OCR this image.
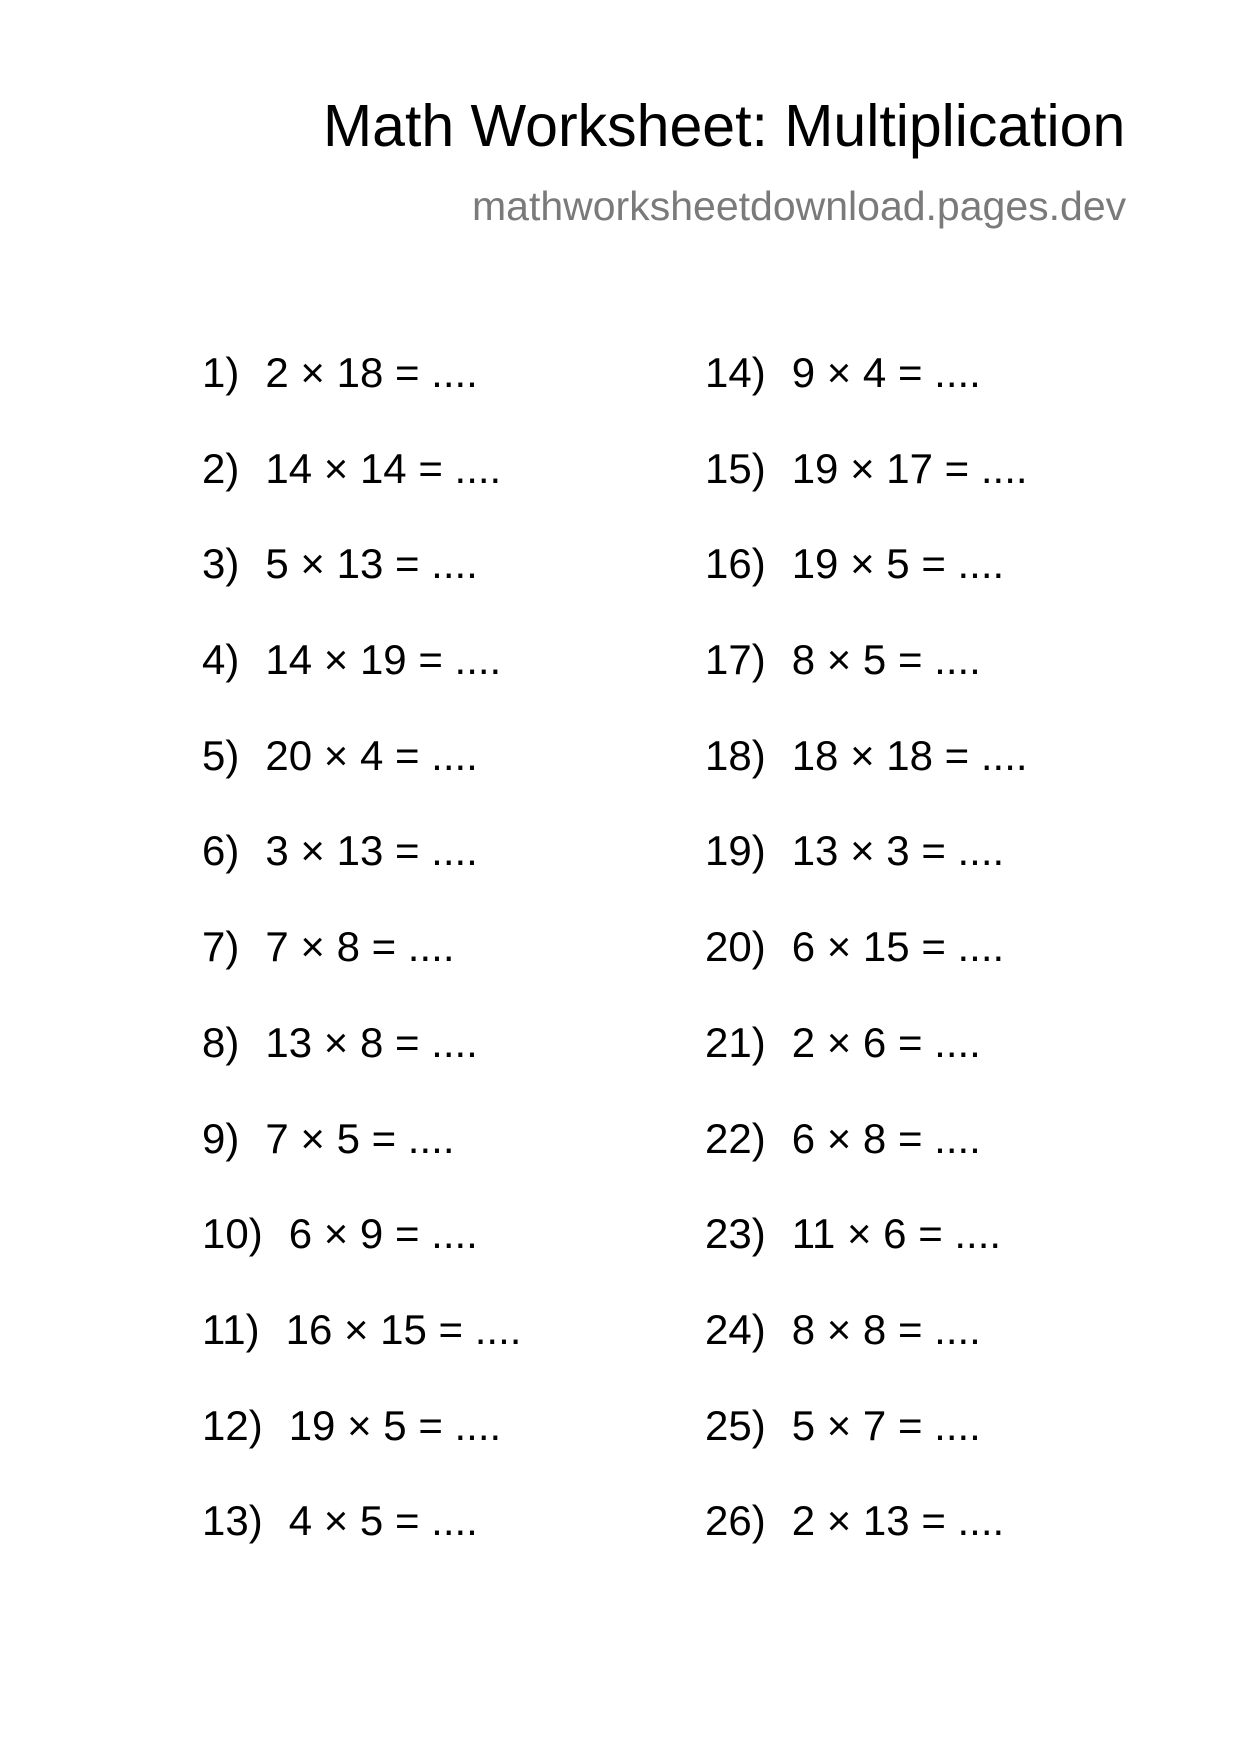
Math Worksheet: Multiplication
mathworksheetdownload.pages.dev
1) 2 × 18 = ....
2) 14 × 14 = ....
3) 5 × 13 = ....
4) 14 × 19 = ....
5) 20 × 4 = ....
6) 3 × 13 = ....
7) 7 × 8 = ....
8) 13 × 8 = ....
9) 7 × 5 = ....
10) 6 × 9 = ....
11) 16 × 15 = ....
12) 19 × 5 = ....
13) 4 × 5 = ....
14) 9 × 4 = ....
15) 19 × 17 = ....
16) 19 × 5 = ....
17) 8 × 5 = ....
18) 18 × 18 = ....
19) 13 × 3 = ....
20) 6 × 15 = ....
21) 2 × 6 = ....
22) 6 × 8 = ....
23) 11 × 6 = ....
24) 8 × 8 = ....
25) 5 × 7 = ....
26) 2 × 13 = ....
